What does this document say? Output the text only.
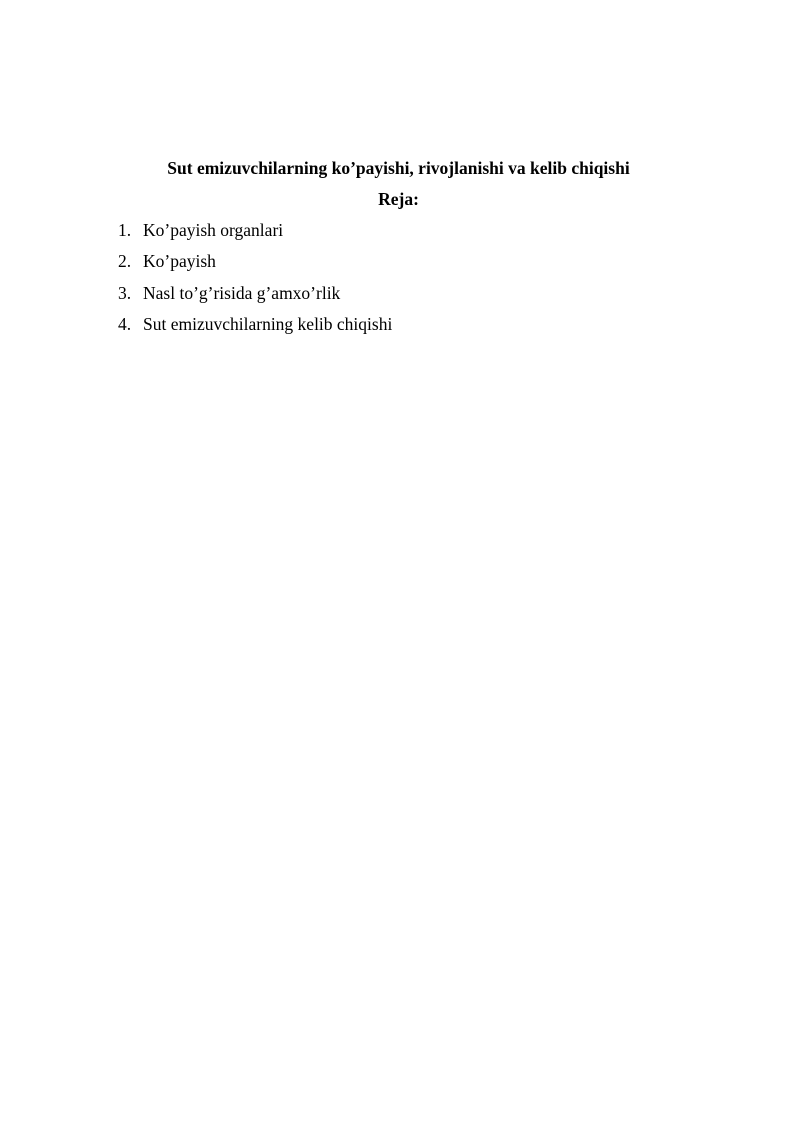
Sut emizuvchilarning ko’payishi, rivojlanishi va kelib chiqishi
Reja:
1. Ko’payish organlari
2. Ko’payish
3. Nasl to’g’risida g’amxo’rlik
4. Sut emizuvchilarning kelib chiqishi
